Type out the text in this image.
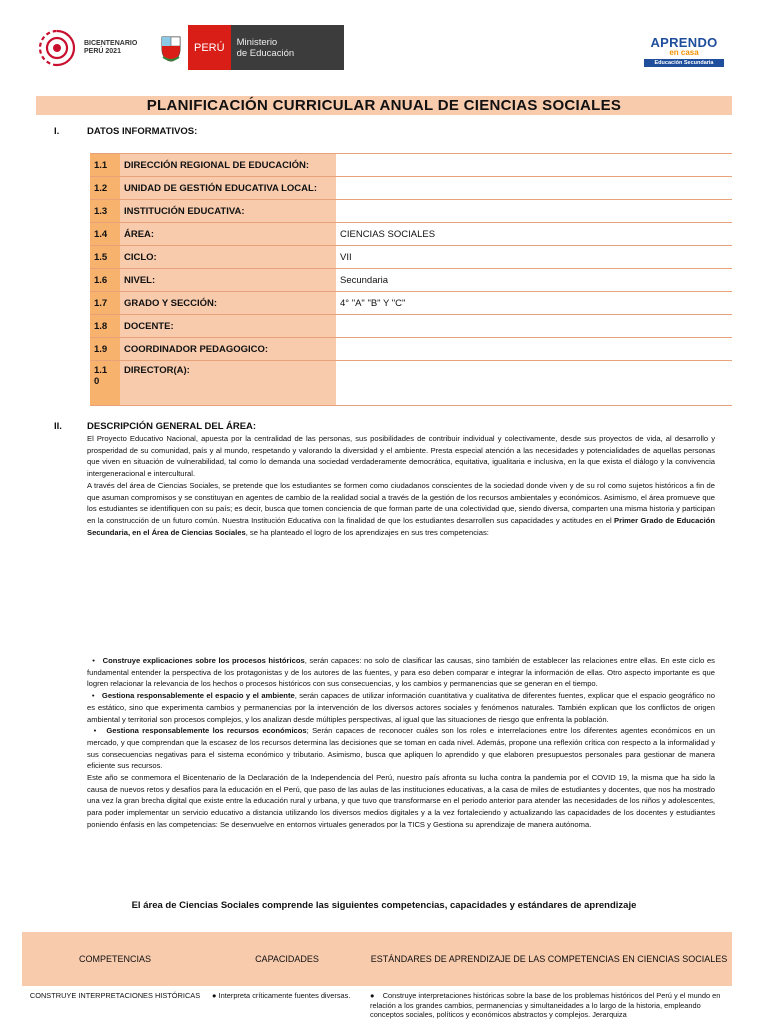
BICENTENARIO
PERÚ 2021	PERÚ	Ministerio
de Educación
APRENDO
en casa
Educación Secundaria
PLANIFICACIÓN CURRICULAR ANUAL DE CIENCIAS SOCIALES
I.	DATOS INFORMATIVOS:
1.1	DIRECCIÓN REGIONAL DE EDUCACIÓN:	
1.2	UNIDAD DE GESTIÓN EDUCATIVA LOCAL:	
1.3	INSTITUCIÓN EDUCATIVA:	
1.4	ÁREA:	CIENCIAS SOCIALES
1.5	CICLO:	VII
1.6	NIVEL:	Secundaria
1.7	GRADO Y SECCIÓN:	4° "A" "B" Y "C"
1.8	DOCENTE:	
1.9	COORDINADOR PEDAGOGICO:	
1.1
0	DIRECTOR(A):	
II.	DESCRIPCIÓN GENERAL DEL ÁREA:

El Proyecto Educativo Nacional, apuesta por la centralidad de las personas, sus posibilidades de contribuir individual y colectivamente, desde sus proyectos de vida, al desarrollo y prosperidad de su comunidad, país y al mundo, respetando y valorando la diversidad y el ambiente. Presta especial atención a las necesidades y potencialidades de aquellas personas que viven en situación de vulnerabilidad, tal como lo demanda una sociedad verdaderamente democrática, equitativa, igualitaria e inclusiva, en la que exista el diálogo y la convivencia intergeneracional e intercultural.

A través del área de Ciencias Sociales, se pretende que los estudiantes se formen como ciudadanos conscientes de la sociedad donde viven y de su rol como sujetos históricos a fin de que asuman compromisos y se constituyan en agentes de cambio de la realidad social a través de la gestión de los recursos ambientales y económicos. Asimismo, el área promueve que los estudiantes se identifiquen con su país; es decir, busca que tomen conciencia de que forman parte de una colectividad que, siendo diversa, comparten una misma historia y participan en la construcción de un futuro común. Nuestra Institución Educativa con la finalidad de que los estudiantes desarrollen sus capacidades y actitudes en el Primer Grado de Educación Secundaria, en el Área de Ciencias Sociales, se ha planteado el logro de los aprendizajes en sus tres competencias:

•   Construye explicaciones sobre los procesos históricos, serán capaces: no solo de clasificar las causas, sino también de establecer las relaciones entre ellas. En este ciclo es fundamental entender la perspectiva de los protagonistas y de los autores de las fuentes, y para eso deben comparar e integrar la información de ellas. Otro aspecto importante es que logren relacionar la relevancia de los hechos o procesos históricos con sus consecuencias, y los cambios y permanencias que se generan en el tiempo.

•   Gestiona responsablemente el espacio y el ambiente, serán capaces de utilizar información cuantitativa y cualitativa de diferentes fuentes, explicar que el espacio geográfico no es estático, sino que experimenta cambios y permanencias por la intervención de los diversos actores sociales y fenómenos naturales. También explican que los conflictos de origen ambiental y territorial son procesos complejos, y los analizan desde múltiples perspectivas, al igual que las situaciones de riesgo que enfrenta la población.

•   Gestiona responsablemente los recursos económicos; Serán capaces de reconocer cuáles son los roles e interrelaciones entre los diferentes agentes económicos en un mercado, y que comprendan que la escasez de los recursos determina las decisiones que se toman en cada nivel. Además, propone una reflexión crítica con respecto a la informalidad y sus consecuencias negativas para el sistema económico y tributario. Asimismo, busca que apliquen lo aprendido y que elaboren presupuestos personales para gestionar de manera eficiente sus recursos.

Este año se conmemora el Bicentenario de la Declaración de la Independencia del Perú, nuestro país afronta su lucha contra la pandemia por el COVID 19, la misma que ha sido la causa de nuevos retos y desafíos para la educación en el Perú, que paso de las aulas de las instituciones educativas, a la casa de miles de estudiantes y docentes, que nos ha mostrado una vez la gran brecha digital que existe entre la educación rural y urbana, y que tuvo que transformarse en el periodo anterior para atender las necesidades de los niños y adolescentes, para poder implementar un servicio educativo a distancia utilizando los diversos medios digitales y a la vez fortaleciendo y actualizando las capacidades de los docentes y estudiantes poniendo énfasis en las competencias: Se desenvuelve en entornos virtuales generados por la TICS y Gestiona su aprendizaje de manera autónoma.

El área de Ciencias Sociales comprende las siguientes competencias, capacidades y estándares de aprendizaje
COMPETENCIAS	CAPACIDADES	ESTÁNDARES DE APRENDIZAJE DE LAS COMPETENCIAS EN CIENCIAS SOCIALES
CONSTRUYE INTERPRETACIONES HISTÓRICAS	● Interpreta críticamente fuentes diversas.	●    Construye interpretaciones históricas sobre la base de los problemas históricos del Perú y el mundo en relación a los grandes cambios, permanencias y simultaneidades a lo largo de la historia, empleando conceptos sociales, políticos y económicos abstractos y complejos. Jerarquiza
